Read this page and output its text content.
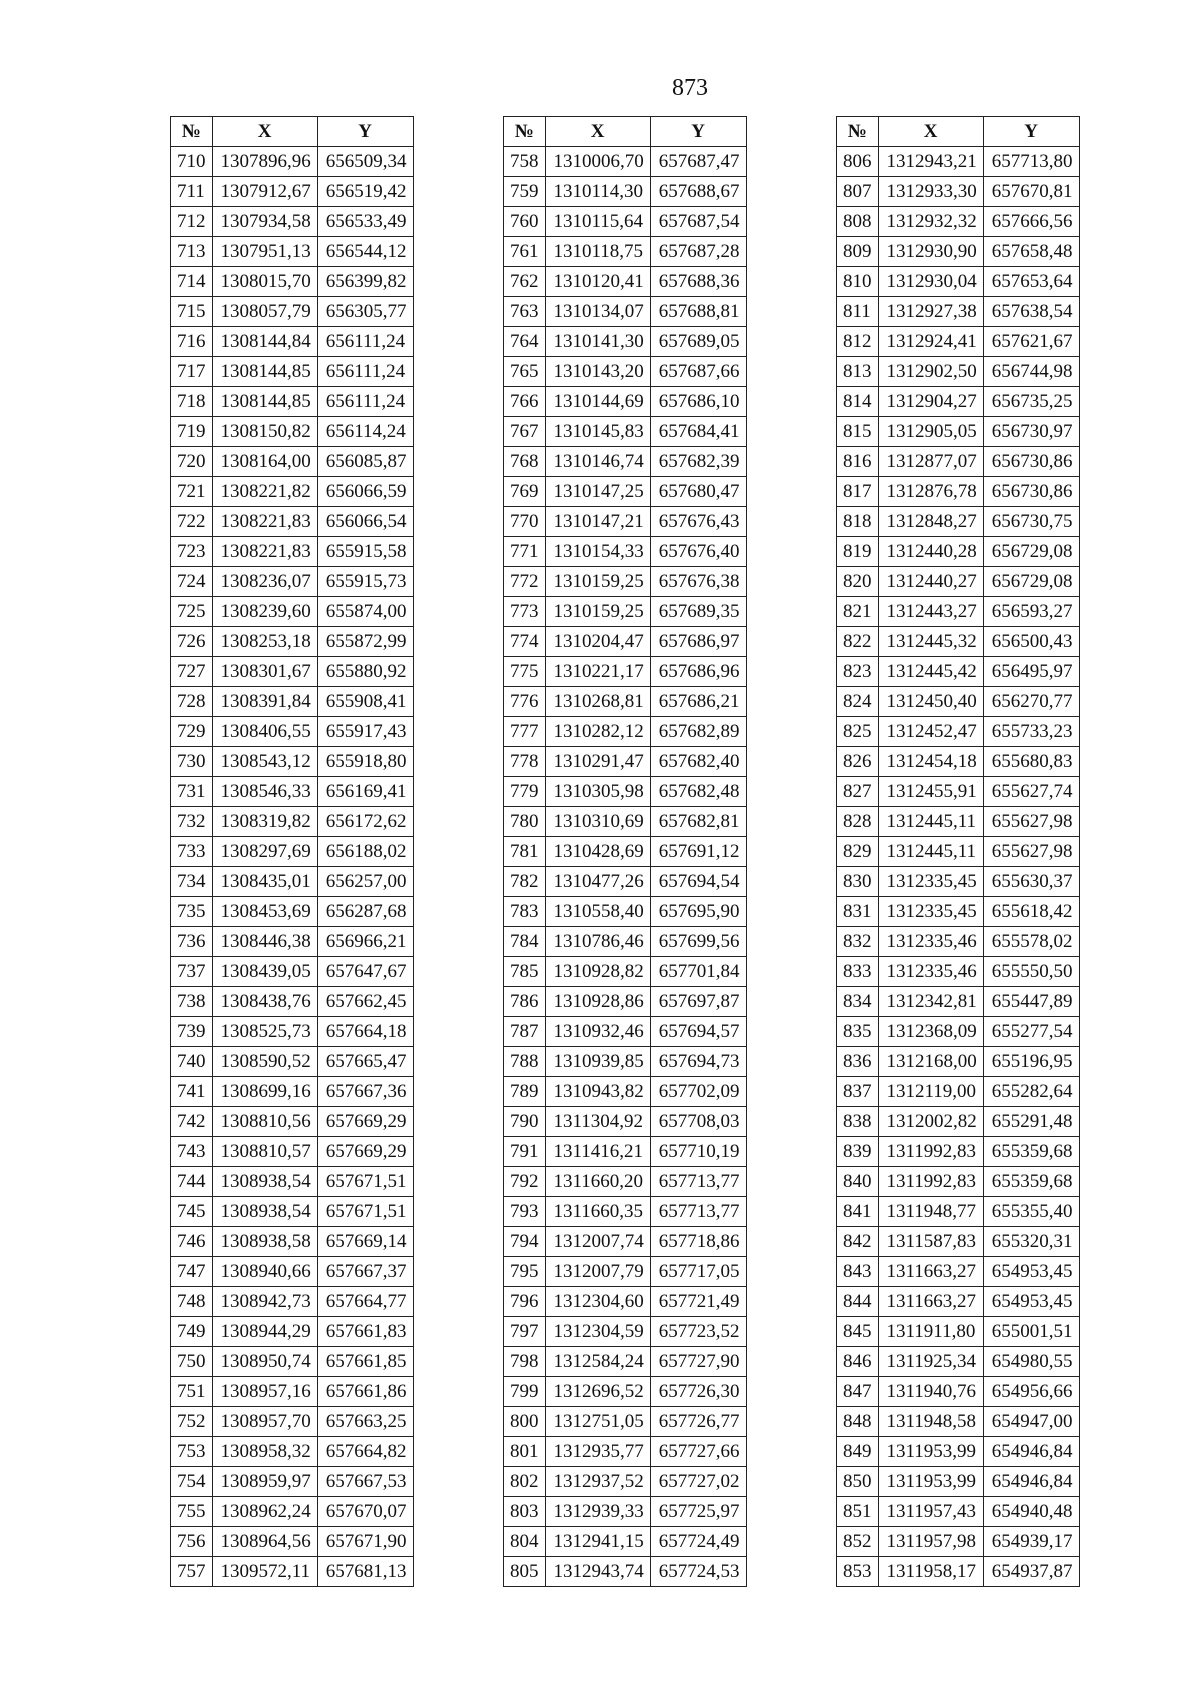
873
№	X	Y
710	1307896,96	656509,34
711	1307912,67	656519,42
712	1307934,58	656533,49
713	1307951,13	656544,12
714	1308015,70	656399,82
715	1308057,79	656305,77
716	1308144,84	656111,24
717	1308144,85	656111,24
718	1308144,85	656111,24
719	1308150,82	656114,24
720	1308164,00	656085,87
721	1308221,82	656066,59
722	1308221,83	656066,54
723	1308221,83	655915,58
724	1308236,07	655915,73
725	1308239,60	655874,00
726	1308253,18	655872,99
727	1308301,67	655880,92
728	1308391,84	655908,41
729	1308406,55	655917,43
730	1308543,12	655918,80
731	1308546,33	656169,41
732	1308319,82	656172,62
733	1308297,69	656188,02
734	1308435,01	656257,00
735	1308453,69	656287,68
736	1308446,38	656966,21
737	1308439,05	657647,67
738	1308438,76	657662,45
739	1308525,73	657664,18
740	1308590,52	657665,47
741	1308699,16	657667,36
742	1308810,56	657669,29
743	1308810,57	657669,29
744	1308938,54	657671,51
745	1308938,54	657671,51
746	1308938,58	657669,14
747	1308940,66	657667,37
748	1308942,73	657664,77
749	1308944,29	657661,83
750	1308950,74	657661,85
751	1308957,16	657661,86
752	1308957,70	657663,25
753	1308958,32	657664,82
754	1308959,97	657667,53
755	1308962,24	657670,07
756	1308964,56	657671,90
757	1309572,11	657681,13
№	X	Y
758	1310006,70	657687,47
759	1310114,30	657688,67
760	1310115,64	657687,54
761	1310118,75	657687,28
762	1310120,41	657688,36
763	1310134,07	657688,81
764	1310141,30	657689,05
765	1310143,20	657687,66
766	1310144,69	657686,10
767	1310145,83	657684,41
768	1310146,74	657682,39
769	1310147,25	657680,47
770	1310147,21	657676,43
771	1310154,33	657676,40
772	1310159,25	657676,38
773	1310159,25	657689,35
774	1310204,47	657686,97
775	1310221,17	657686,96
776	1310268,81	657686,21
777	1310282,12	657682,89
778	1310291,47	657682,40
779	1310305,98	657682,48
780	1310310,69	657682,81
781	1310428,69	657691,12
782	1310477,26	657694,54
783	1310558,40	657695,90
784	1310786,46	657699,56
785	1310928,82	657701,84
786	1310928,86	657697,87
787	1310932,46	657694,57
788	1310939,85	657694,73
789	1310943,82	657702,09
790	1311304,92	657708,03
791	1311416,21	657710,19
792	1311660,20	657713,77
793	1311660,35	657713,77
794	1312007,74	657718,86
795	1312007,79	657717,05
796	1312304,60	657721,49
797	1312304,59	657723,52
798	1312584,24	657727,90
799	1312696,52	657726,30
800	1312751,05	657726,77
801	1312935,77	657727,66
802	1312937,52	657727,02
803	1312939,33	657725,97
804	1312941,15	657724,49
805	1312943,74	657724,53
№	X	Y
806	1312943,21	657713,80
807	1312933,30	657670,81
808	1312932,32	657666,56
809	1312930,90	657658,48
810	1312930,04	657653,64
811	1312927,38	657638,54
812	1312924,41	657621,67
813	1312902,50	656744,98
814	1312904,27	656735,25
815	1312905,05	656730,97
816	1312877,07	656730,86
817	1312876,78	656730,86
818	1312848,27	656730,75
819	1312440,28	656729,08
820	1312440,27	656729,08
821	1312443,27	656593,27
822	1312445,32	656500,43
823	1312445,42	656495,97
824	1312450,40	656270,77
825	1312452,47	655733,23
826	1312454,18	655680,83
827	1312455,91	655627,74
828	1312445,11	655627,98
829	1312445,11	655627,98
830	1312335,45	655630,37
831	1312335,45	655618,42
832	1312335,46	655578,02
833	1312335,46	655550,50
834	1312342,81	655447,89
835	1312368,09	655277,54
836	1312168,00	655196,95
837	1312119,00	655282,64
838	1312002,82	655291,48
839	1311992,83	655359,68
840	1311992,83	655359,68
841	1311948,77	655355,40
842	1311587,83	655320,31
843	1311663,27	654953,45
844	1311663,27	654953,45
845	1311911,80	655001,51
846	1311925,34	654980,55
847	1311940,76	654956,66
848	1311948,58	654947,00
849	1311953,99	654946,84
850	1311953,99	654946,84
851	1311957,43	654940,48
852	1311957,98	654939,17
853	1311958,17	654937,87
